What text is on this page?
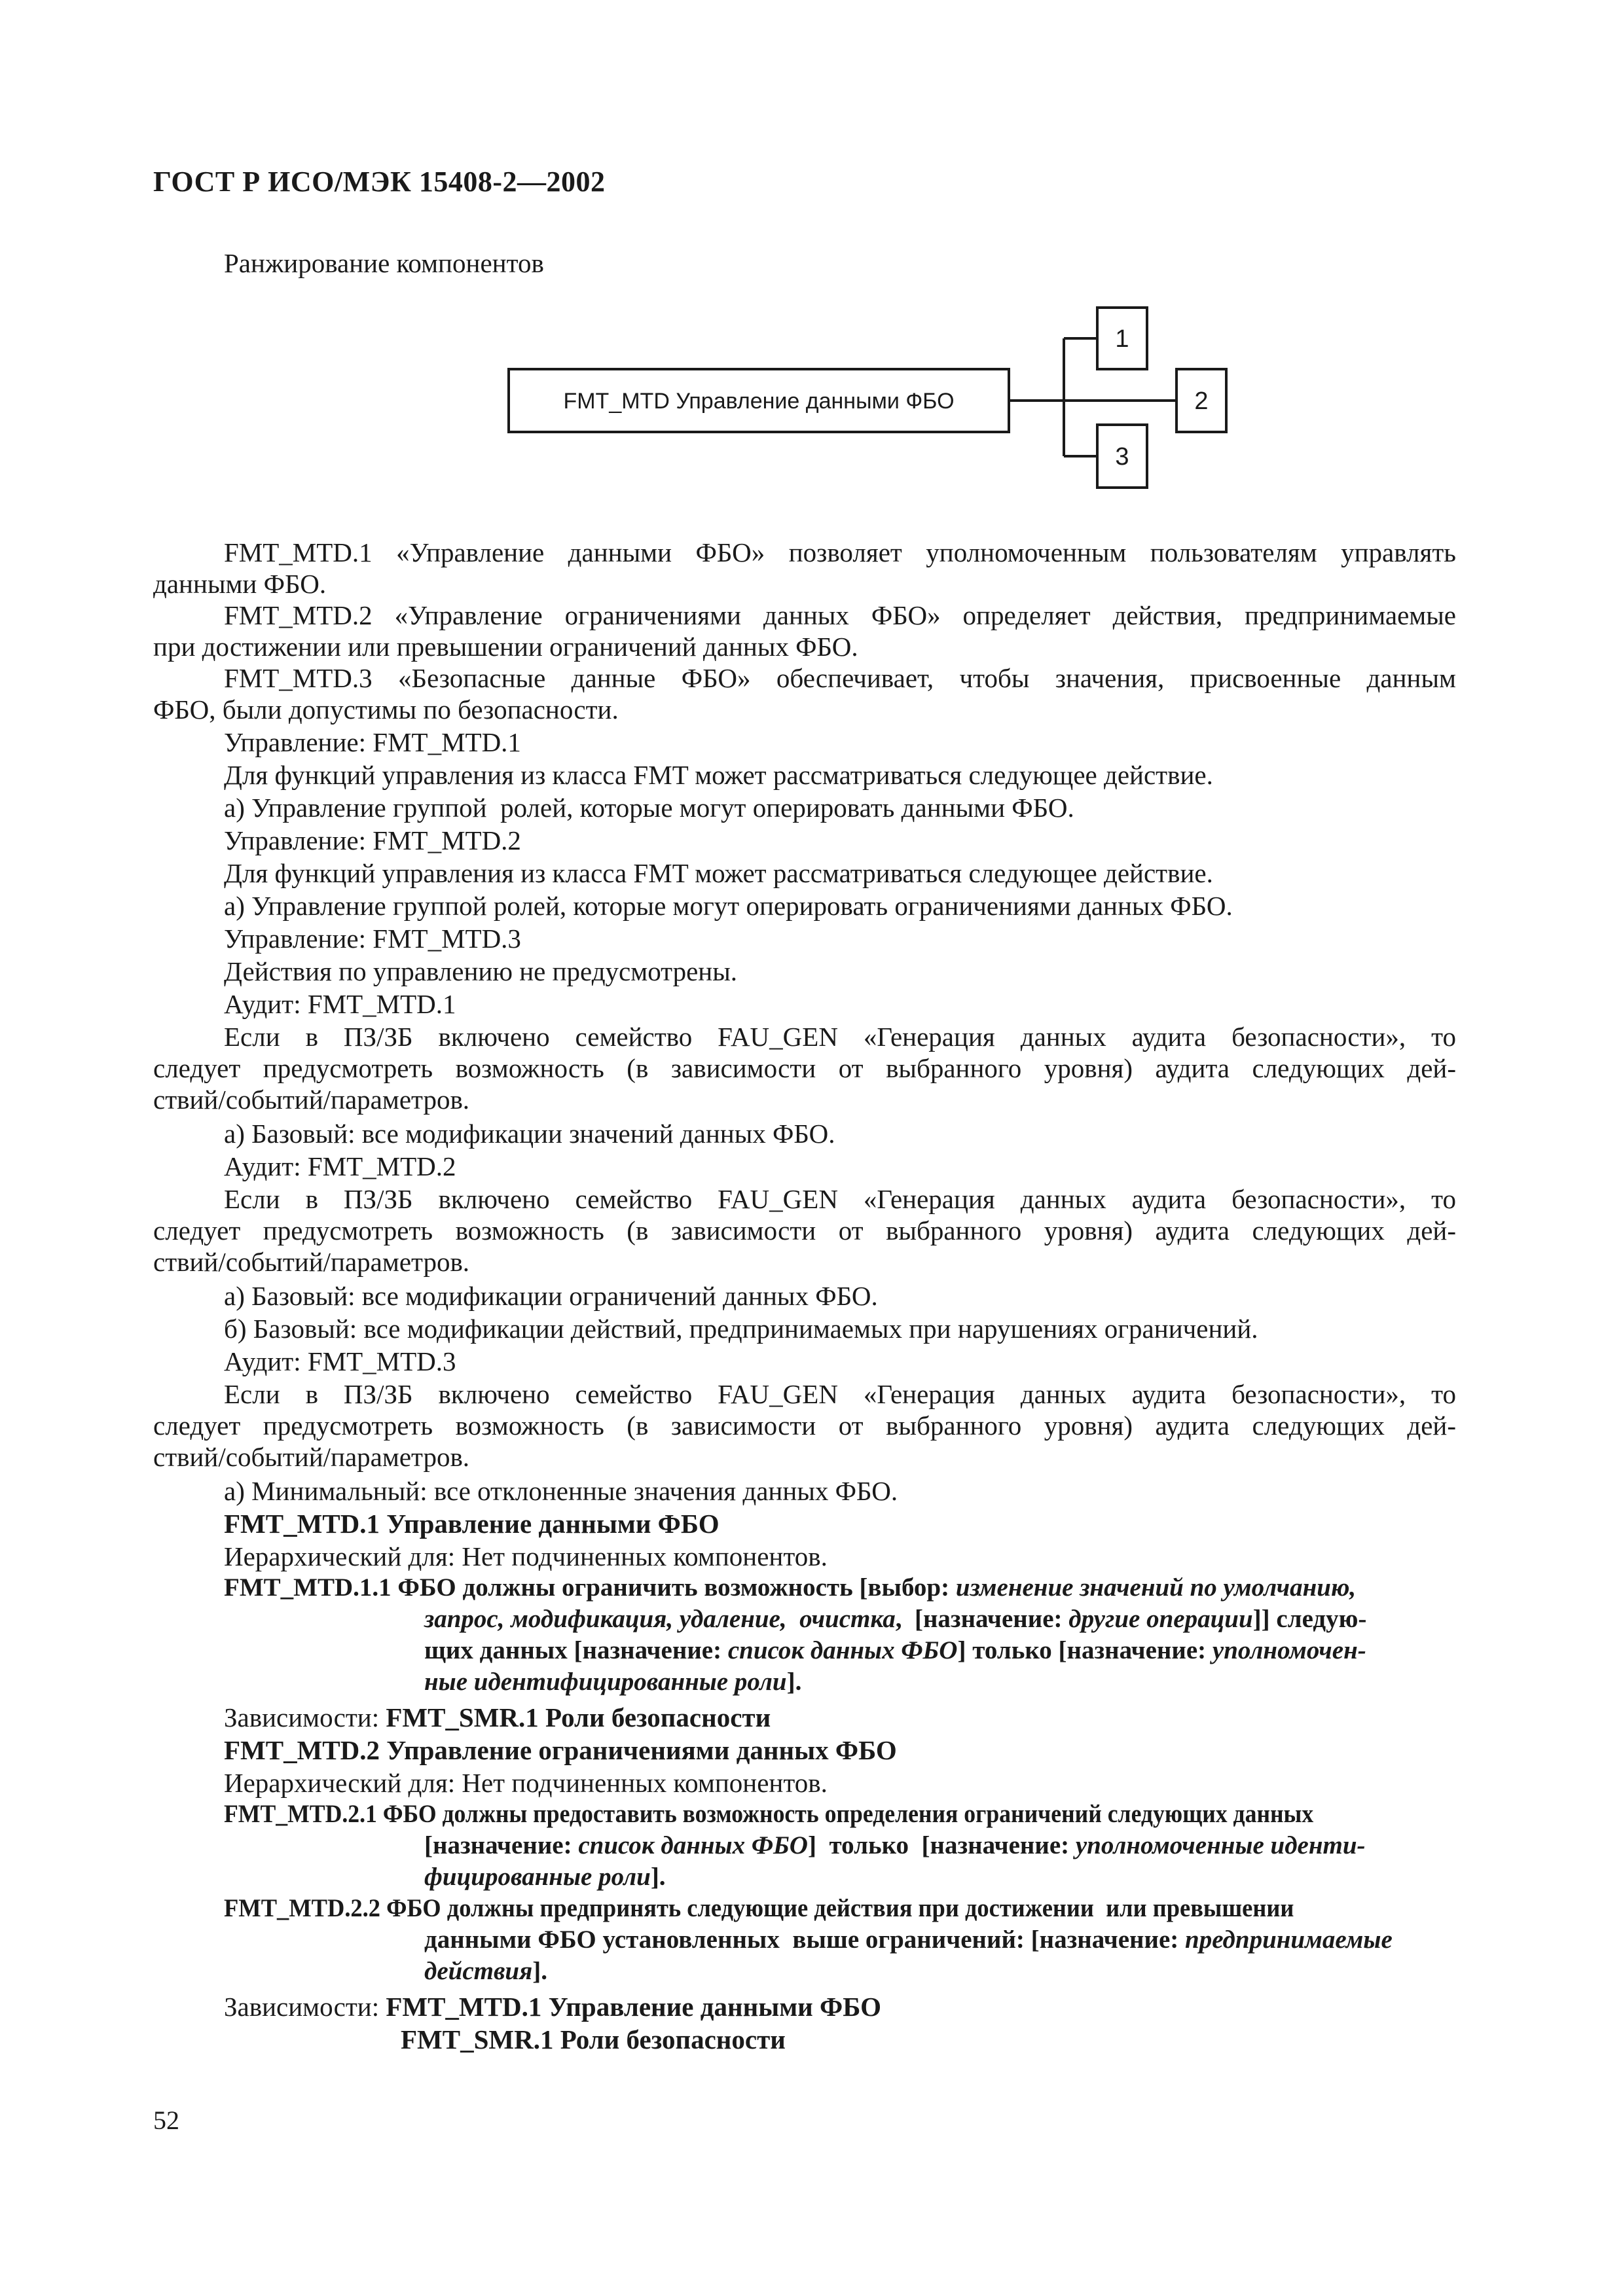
ГОСТ Р ИСО/МЭК 15408-2—2002
Ранжирование компонентов
FMT_MTD Управление данными ФБО
1
2
3
FMT_MTD.1 «Управление данными ФБО» позволяет уполномоченным пользователям управлять
данными ФБО.
FMT_MTD.2 «Управление ограничениями данных ФБО» определяет действия, предпринимаемые
при достижении или превышении ограничений данных ФБО.
FMT_MTD.3 «Безопасные данные ФБО» обеспечивает, чтобы значения, присвоенные данным
ФБО, были допустимы по безопасности.
Управление: FMT_MTD.1
Для функций управления из класса FMT может рассматриваться следующее действие.
а) Управление группой  ролей, которые могут оперировать данными ФБО.
Управление: FMT_MTD.2
Для функций управления из класса FMT может рассматриваться следующее действие.
а) Управление группой ролей, которые могут оперировать ограничениями данных ФБО.
Управление: FMT_MTD.3
Действия по управлению не предусмотрены.
Аудит: FMT_MTD.1
Если в ПЗ/ЗБ включено семейство FAU_GEN «Генерация данных аудита безопасности», то
следует предусмотреть возможность (в зависимости от выбранного уровня) аудита следующих дей-
ствий/событий/параметров.
а) Базовый: все модификации значений данных ФБО.
Аудит: FMT_MTD.2
Если в ПЗ/ЗБ включено семейство FAU_GEN «Генерация данных аудита безопасности», то
следует предусмотреть возможность (в зависимости от выбранного уровня) аудита следующих дей-
ствий/событий/параметров.
а) Базовый: все модификации ограничений данных ФБО.
б) Базовый: все модификации действий, предпринимаемых при нарушениях ограничений.
Аудит: FMT_MTD.3
Если в ПЗ/ЗБ включено семейство FAU_GEN «Генерация данных аудита безопасности», то
следует предусмотреть возможность (в зависимости от выбранного уровня) аудита следующих дей-
ствий/событий/параметров.
а) Минимальный: все отклоненные значения данных ФБО.
FMT_MTD.1 Управление данными ФБО
Иерархический для: Нет подчиненных компонентов.
FMT_MTD.1.1 ФБО должны ограничить возможность [выбор: изменение значений по умолчанию,
запрос, модификация, удаление,  очистка,  [назначение: другие операции]] следую-
щих данных [назначение: список данных ФБО] только [назначение: уполномочен-
ные идентифицированные роли].
Зависимости: FMT_SMR.1 Роли безопасности
FMT_MTD.2 Управление ограничениями данных ФБО
Иерархический для: Нет подчиненных компонентов.
FMT_MTD.2.1 ФБО должны предоставить возможность определения ограничений следующих данных
[назначение: список данных ФБО]  только  [назначение: уполномоченные иденти-
фицированные роли].
FMT_MTD.2.2 ФБО должны предпринять следующие действия при достижении  или превышении
данными ФБО установленных  выше ограничений: [назначение: предпринимаемые
действия].
Зависимости: FMT_MTD.1 Управление данными ФБО
FMT_SMR.1 Роли безопасности
52
